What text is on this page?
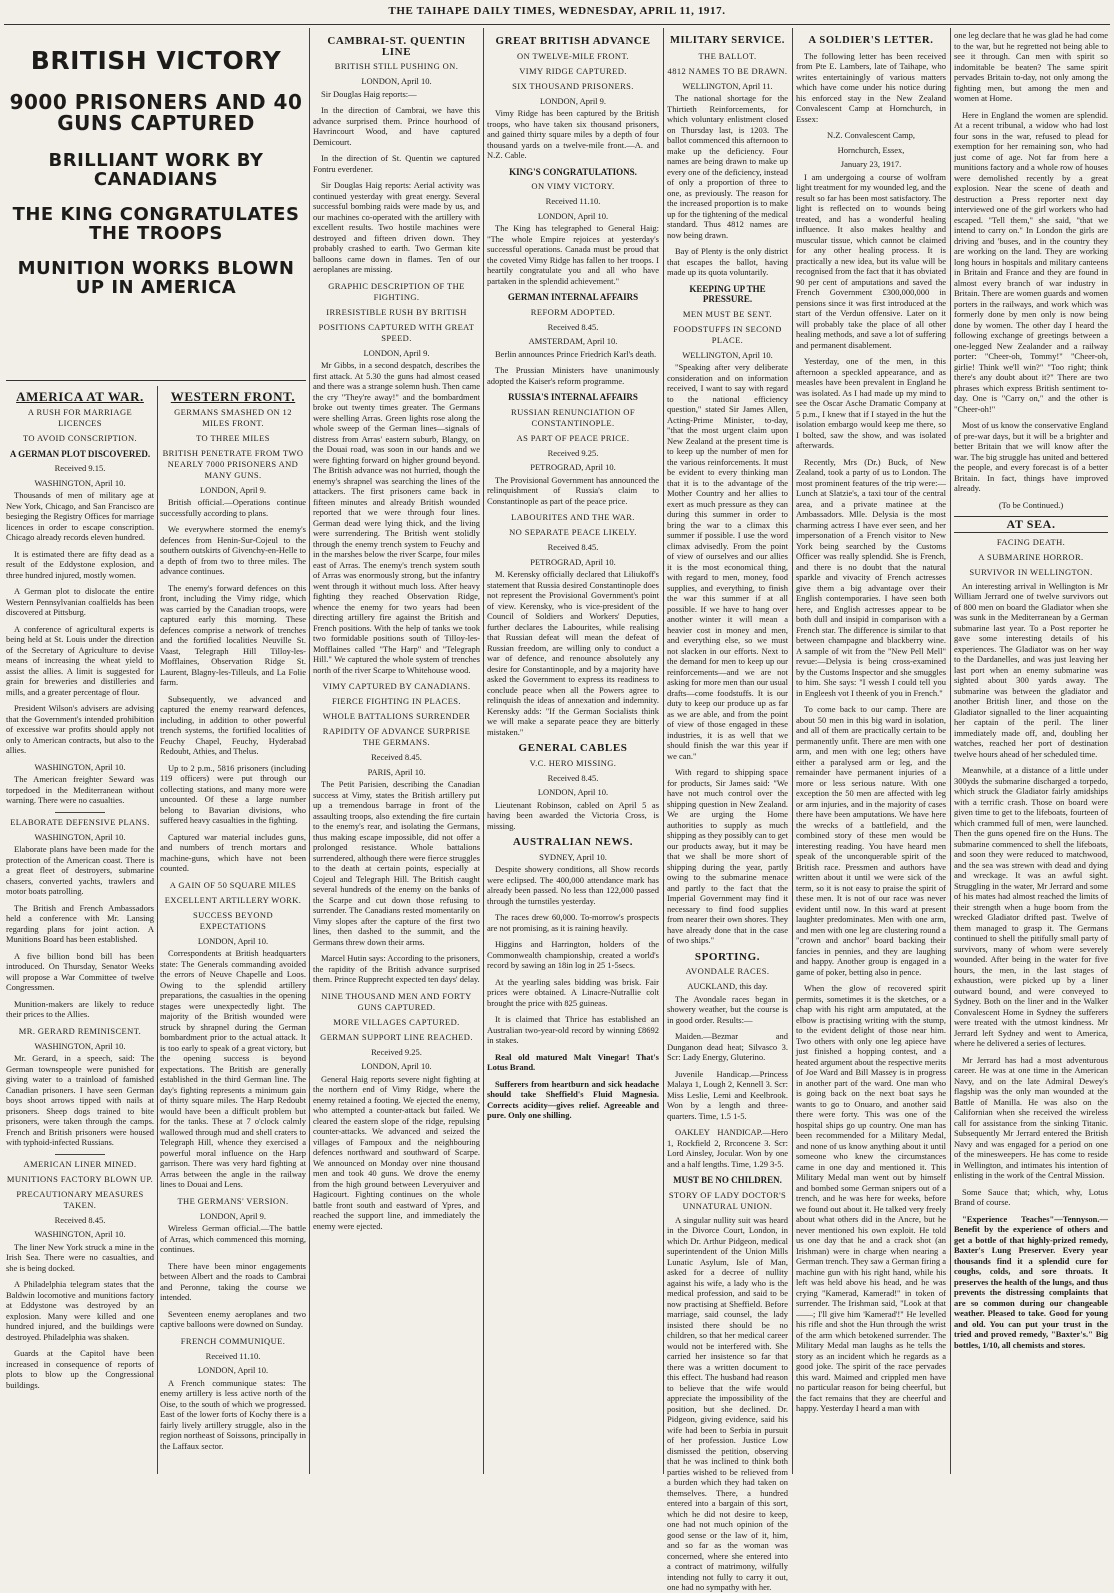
THE TAIHAPE DAILY TIMES, WEDNESDAY, APRIL 11, 1917.
BRITISH VICTORY
9000 PRISONERS AND 40 GUNS CAPTURED
BRILLIANT WORK BY CANADIANS
THE KING CONGRATULATES THE TROOPS
MUNITION WORKS BLOWN UP IN AMERICA
AMERICA AT WAR.
A RUSH FOR MARRIAGE LICENCES
TO AVOID CONSCRIPTION.
A GERMAN PLOT DISCOVERED.
Received 9.15.
WASHINGTON, April 10.

Thousands of men of military age at New York, Chicago, and San Francisco are besieging the Registry Offices for marriage licences in order to escape conscription. Chicago already records eleven hundred.

It is estimated there are fifty dead as a result of the Eddystone explosion, and three hundred injured, mostly women.

A German plot to dislocate the entire Western Pennsylvanian coalfields has been discovered at Pittsburg.

A conference of agricultural experts is being held at St. Louis under the direction of the Secretary of Agriculture to devise means of increasing the wheat yield to assist the allies. A limit is suggested for grain for breweries and distilleries and mills, and a greater percentage of flour.

President Wilson's advisers are advising that the Government's intended prohibition of excessive war profits should apply not only to American contracts, but also to the allies.

WASHINGTON, April 10.

The American freighter Seward was torpedoed in the Mediterranean without warning. There were no casualties.

ELABORATE DEFENSIVE PLANS.
WASHINGTON, April 10.

Elaborate plans have been made for the protection of the American coast. There is a great fleet of destroyers, submarine chasers, converted yachts, trawlers and motor boats patrolling.

The British and French Ambassadors held a conference with Mr. Lansing regarding plans for joint action. A Munitions Board has been established.

A five billion bond bill has been introduced. On Thursday, Senator Weeks will propose a War Committee of twelve Congressmen.

Munition-makers are likely to reduce their prices to the Allies.

MR. GERARD REMINISCENT.
WASHINGTON, April 10.

Mr. Gerard, in a speech, said: The German townspeople were punished for giving water to a trainload of famished Canadian prisoners. I have seen German boys shoot arrows tipped with nails at prisoners. Sheep dogs trained to bite prisoners, were taken through the camps. French and British prisoners were housed with typhoid-infected Russians.

AMERICAN LINER MINED.
MUNITIONS FACTORY BLOWN UP.
PRECAUTIONARY MEASURES TAKEN.
Received 8.45.
WASHINGTON, April 10.

The liner New York struck a mine in the Irish Sea. There were no casualties, and she is being docked.

A Philadelphia telegram states that the Baldwin locomotive and munitions factory at Eddystone was destroyed by an explosion. Many were killed and one hundred injured, and the buildings were destroyed. Philadelphia was shaken.

Guards at the Capitol have been increased in consequence of reports of plots to blow up the Congressional buildings.

WESTERN FRONT.
GERMANS SMASHED ON 12 MILES FRONT.
TO THREE MILES
BRITISH PENETRATE FROM TWO NEARLY 7000 PRISONERS AND MANY GUNS.
LONDON, April 9.

British official.—Operations continue successfully according to plans.

We everywhere stormed the enemy's defences from Henin-Sur-Cojeul to the southern outskirts of Givenchy-en-Helle to a depth of from two to three miles. The advance continues.

The enemy's forward defences on this front, including the Vimy ridge, which was carried by the Canadian troops, were captured early this morning. These defences comprise a network of trenches and the fortified localities Neuville St. Vaast, Telegraph Hill Tilloy-les-Mofflaines, Observation Ridge St. Laurent, Blagny-les-Tilleuls, and La Folie farm.

Subsequently, we advanced and captured the enemy rearward defences, including, in addition to other powerful trench systems, the fortified localities of Feuchy Chapel, Feuchy, Hyderabad Redoubt, Athies, and Thelus.

Up to 2 p.m., 5816 prisoners (including 119 officers) were put through our collecting stations, and many more were uncounted. Of these a large number belong to Bavarian divisions, who suffered heavy casualties in the fighting.

Captured war material includes guns, and numbers of trench mortars and machine-guns, which have not been counted.

A GAIN OF 50 SQUARE MILES
EXCELLENT ARTILLERY WORK.
SUCCESS BEYOND EXPECTATIONS
LONDON, April 10.

Correspondents at British headquarters state: The Generals commanding avoided the errors of Neuve Chapelle and Loos. Owing to the splendid artillery preparations, the casualties in the opening stages were unexpectedly light. The majority of the British wounded were struck by shrapnel during the German bombardment prior to the actual attack. It is too early to speak of a great victory, but the opening success is beyond expectations. The British are generally established in the third German line. The day's fighting represents a minimum gain of thirty square miles. The Harp Redoubt would have been a difficult problem but for the tanks. These at 7 o'clock calmly wallowed through mud and shell craters to Telegraph Hill, whence they exercised a powerful moral influence on the Harp garrison. There was very hard fighting at Arras between the angle in the railway lines to Douai and Lens.

THE GERMANS' VERSION.
LONDON, April 9.

Wireless German official.—The battle of Arras, which commenced this morning, continues.

There have been minor engagements between Albert and the roads to Cambrai and Peronne, taking the course we intended.

Seventeen enemy aeroplanes and two captive balloons were downed on Sunday.

FRENCH COMMUNIQUE.
Received 11.10.
LONDON, April 10.

A French communique states: The enemy artillery is less active north of the Oise, to the south of which we progressed. East of the lower forts of Kochy there is a fairly lively artillery struggle, also in the region northeast of Soissons, principally in the Laffaux sector.

CAMBRAI-ST. QUENTIN LINE
BRITISH STILL PUSHING ON.
LONDON, April 10.

Sir Douglas Haig reports:—

In the direction of Cambrai, we have this advance surprised them. Prince hourhood of Havrincourt Wood, and have captured Demicourt.

In the direction of St. Quentin we captured Fontru everdener.

Sir Douglas Haig reports: Aerial activity was continued yesterday with great energy. Several successful bombing raids were made by us, and our machines co-operated with the artillery with excellent results. Two hostile machines were destroyed and fifteen driven down. They probably crashed to earth. Two German kite balloons came down in flames. Ten of our aeroplanes are missing.

GRAPHIC DESCRIPTION OF THE FIGHTING.
IRRESISTIBLE RUSH BY BRITISH
POSITIONS CAPTURED WITH GREAT SPEED.
LONDON, April 9.

Mr Gibbs, in a second despatch, describes the first attack. At 5.30 the guns had almost ceased and there was a strange solemn hush. Then came the cry "They're away!" and the bombardment broke out twenty times greater. The Germans were shelling Arras. Green lights rose along the whole sweep of the German lines—signals of distress from Arras' eastern suburb, Blangy, on the Douai road, was soon in our hands and we were fighting forward on higher ground beyond. The British advance was not hurried, though the enemy's shrapnel was searching the lines of the attackers. The first prisoners came back in fifteen minutes and already British wounded reported that we were through four lines. German dead were lying thick, and the living were surrendering. The British went stolidly through the enemy trench system to Feuchy and in the marshes below the river Scarpe, four miles east of Arras. The enemy's trench system south of Arras was enormously strong, but the infantry went through it without much loss. After heavy fighting they reached Observation Ridge, whence the enemy for two years had been directing artillery fire against the British and French positions. With the help of tanks we took two formidable positions south of Tilloy-les-Mofflaines called "The Harp" and "Telegraph Hill." We captured the whole system of trenches north of the river Scarpe to Whitehouse wood.

VIMY CAPTURED BY CANADIANS.
FIERCE FIGHTING IN PLACES.
WHOLE BATTALIONS SURRENDER
RAPIDITY OF ADVANCE SURPRISE THE GERMANS.
Received 8.45.
PARIS, April 10.

The Petit Parisien, describing the Canadian success at Vimy, states the British artillery put up a tremendous barrage in front of the assaulting troops, also extending the fire curtain to the enemy's rear, and isolating the Germans, thus making escape impossible, did not offer a prolonged resistance. Whole battalions surrendered, although there were fierce struggles to the death at certain points, especially at Cojeul and Telegraph Hill. The British caught several hundreds of the enemy on the banks of the Scarpe and cut down those refusing to surrender. The Canadians rested momentarily on Vimy slopes after the capture of the first two lines, then dashed to the summit, and the Germans threw down their arms.

Marcel Hutin says: According to the prisoners, the rapidity of the British advance surprised them. Prince Rupprecht expected ten days' delay.

NINE THOUSAND MEN AND FORTY GUNS CAPTURED.
MORE VILLAGES CAPTURED.
GERMAN SUPPORT LINE REACHED.
Received 9.25.
LONDON, April 10.

General Haig reports severe night fighting at the northern end of Vimy Ridge, where the enemy retained a footing. We ejected the enemy, who attempted a counter-attack but failed. We cleared the eastern slope of the ridge, repulsing counter-attacks. We advanced and seized the villages of Fampoux and the neighbouring defences northward and southward of Scarpe. We announced on Monday over nine thousand men and took 40 guns. We drove the enemy from the high ground between Leveryuiver and Hagicourt. Fighting continues on the whole battle front south and eastward of Ypres, and reached the support line, and immediately the enemy were ejected.

GREAT BRITISH ADVANCE
ON TWELVE-MILE FRONT.
VIMY RIDGE CAPTURED.
SIX THOUSAND PRISONERS.
LONDON, April 9.

Vimy Ridge has been captured by the British troops, who have taken six thousand prisoners, and gained thirty square miles by a depth of four thousand yards on a twelve-mile front.—A. and N.Z. Cable.

KING'S CONGRATULATIONS.
ON VIMY VICTORY.
Received 11.10.
LONDON, April 10.

The King has telegraphed to General Haig: "The whole Empire rejoices at yesterday's successful operations. Canada must be proud that the coveted Vimy Ridge has fallen to her troops. I heartily congratulate you and all who have partaken in the splendid achievement."

GERMAN INTERNAL AFFAIRS
REFORM ADOPTED.
Received 8.45.
AMSTERDAM, April 10.

Berlin announces Prince Friedrich Karl's death.

The Prussian Ministers have unanimously adopted the Kaiser's reform programme.

RUSSIA'S INTERNAL AFFAIRS
RUSSIAN RENUNCIATION OF CONSTANTINOPLE.
AS PART OF PEACE PRICE.
Received 9.25.
PETROGRAD, April 10.

The Provisional Government has announced the relinquishment of Russia's claim to Constantinople as part of the peace price.

LABOURITES AND THE WAR.
NO SEPARATE PEACE LIKELY.
Received 8.45.
PETROGRAD, April 10.

M. Kerensky officially declared that Liliukoff's statement that Russia desired Constantinople does not represent the Provisional Government's point of view. Kerensky, who is vice-president of the Council of Soldiers and Workers' Deputies, further declares the Labourites, while realising that Russian defeat will mean the defeat of Russian freedom, are willing only to conduct a war of defence, and renounce absolutely any desire for Constantinople, and by a majority have asked the Government to express its readiness to conclude peace when all the Powers agree to relinquish the ideas of annexation and indemnity. Kerensky adds: "If the German Socialists think we will make a separate peace they are bitterly mistaken."

GENERAL CABLES
V.C. HERO MISSING.
Received 8.45.
LONDON, April 10.

Lieutenant Robinson, cabled on April 5 as having been awarded the Victoria Cross, is missing.

AUSTRALIAN NEWS.
SYDNEY, April 10.

Despite showery conditions, all Show records were eclipsed. The 400,000 attendance mark has already been passed. No less than 122,000 passed through the turnstiles yesterday.

The races drew 60,000. To-morrow's prospects are not promising, as it is raining heavily.

Higgins and Harrington, holders of the Commonwealth championship, created a world's record by sawing an 18in log in 25 1-5secs.

At the yearling sales bidding was brisk. Fair prices were obtained. A Linacre-Nutrallie colt brought the price with 825 guineas.

It is claimed that Thrice has established an Australian two-year-old record by winning £8692 in stakes.

Real old matured Malt Vinegar! That's Lotus Brand.

Sufferers from heartburn and sick headache should take Sheffield's Fluid Magnesia. Corrects acidity—gives relief. Agreeable and pure. Only one shilling.

MILITARY SERVICE.
THE BALLOT.
4812 NAMES TO BE DRAWN.
WELLINGTON, April 11.

The national shortage for the Thirtieth Reinforcements, for which voluntary enlistment closed on Thursday last, is 1203. The ballot commenced this afternoon to make up the deficiency. Four names are being drawn to make up every one of the deficiency, instead of only a proportion of three to one, as previously. The reason for the increased proportion is to make up for the tightening of the medical standard. Thus 4812 names are now being drawn.

Bay of Plenty is the only district that escapes the ballot, having made up its quota voluntarily.

KEEPING UP THE PRESSURE.
MEN MUST BE SENT.
FOODSTUFFS IN SECOND PLACE.
WELLINGTON, April 10.

"Speaking after very deliberate consideration and on information received, I want to say with regard to the national efficiency question," stated Sir James Allen, Acting-Prime Minister, to-day, "that the most urgent claim upon New Zealand at the present time is to keep up the number of men for the various reinforcements. It must be evident to every thinking man that it is to the advantage of the Mother Country and her allies to exert as much pressure as they can during this summer in order to bring the war to a climax this summer if possible. I use the word climax advisedly. From the point of view of ourselves and our allies it is the most economical thing, with regard to men, money, food supplies, and everything, to finish the war this summer if at all possible. If we have to hang over another winter it will mean a heavier cost in money and men, and everything else, so we must not slacken in our efforts. Next to the demand for men to keep up our reinforcements—and we are not asking for more men than our usual drafts—come foodstuffs. It is our duty to keep our produce up as far as we are able, and from the point of view of those engaged in these industries, it is as well that we should finish the war this year if we can."

With regard to shipping space for products, Sir James said: "We have not much control over the shipping question in New Zealand. We are urging the Home authorities to supply as much shipping as they possibly can to get our products away, but it may be that we shall be more short of shipping during the year, partly owing to the submarine menace and partly to the fact that the Imperial Government may find it necessary to find food supplies from nearer their own shores. They have already done that in the case of two ships."

SPORTING.
AVONDALE RACES.
AUCKLAND, this day.

The Avondale races began in showery weather, but the course is in good order. Results:—

Maiden.—Bezmar and Dunganon dead heat; Silvasco 3. Scr: Lady Energy, Gluterino.

Juvenile Handicap.—Princess Malaya 1, Lough 2, Kennell 3. Scr: Miss Leslie, Lemi and Keelbrook. Won by a length and three-quarters. Time, 1.5 1-5.

OAKLEY HANDICAP.—Hero 1, Rockfield 2, Rrconcene 3. Scr: Lord Ainsley, Jocular. Won by one and a half lengths. Time, 1.29 3-5.

MUST BE NO CHILDREN.
STORY OF LADY DOCTOR'S UNNATURAL UNION.

A singular nullity suit was heard in the Divorce Court, London, in which Dr. Arthur Pidgeon, medical superintendent of the Union Mills Lunatic Asylum, Isle of Man, asked for a decree of nullity against his wife, a lady who is the medical profession, and said to be now practising at Sheffield. Before marriage, said counsel, the lady insisted there should be no children, so that her medical career would not be interfered with. She carried her insistence so far that there was a written document to this effect. The husband had reason to believe that the wife would appreciate the impossibility of the position, but she declined. Dr. Pidgeon, giving evidence, said his wife had been to Serbia in pursuit of her profession. Justice Low dismissed the petition, observing that he was inclined to think both parties wished to be relieved from a burden which they had taken on themselves. There, a hundred entered into a bargain of this sort, which he did not desire to keep, one had not much opinion of the good sense or the law of it, him, and so far as the woman was concerned, where she entered into a contract of matrimony, wilfully intending not fully to carry it out, one had no sympathy with her.

A SOLDIER'S LETTER.

The following letter has been received from Pte E. Lambers, late of Taihape, who writes entertainingly of various matters which have come under his notice during his enforced stay in the New Zealand Convalescent Camp at Hornchurch, in Essex:

N.Z. Convalescent Camp,
Hornchurch, Essex,
January 23, 1917.

I am undergoing a course of wolfram light treatment for my wounded leg, and the result so far has been most satisfactory. The light is reflected on to wounds being treated, and has a wonderful healing influence. It also makes healthy and muscular tissue, which cannot be claimed for any other healing process. It is practically a new idea, but its value will be recognised from the fact that it has obviated 90 per cent of amputations and saved the French Government £300,000,000 in pensions since it was first introduced at the start of the Verdun offensive. Later on it will probably take the place of all other healing methods, and save a lot of suffering and permanent disablement.

Yesterday, one of the men, in this afternoon a speckled appearance, and as measles have been prevalent in England he was isolated. As I had made up my mind to see the Oscar Asche Dramatic Company at 5 p.m., I knew that if I stayed in the hut the isolation embargo would keep me there, so I bolted, saw the show, and was isolated afterwards.

Recently, Mrs (Dr.) Buck, of New Zealand, took a party of us to London. The most prominent features of the trip were:—Lunch at Slatzie's, a taxi tour of the central area, and a private matinee at the Ambassadors. Mlle. Delysia is the most charming actress I have ever seen, and her impersonation of a French visitor to New York being searched by the Customs Officer was really splendid. She is French, and there is no doubt that the natural sparkle and vivacity of French actresses give them a big advantage over their English contemporaries. I have seen both here, and English actresses appear to be both dull and insipid in comparison with a French star. The difference is similar to that between champagne and blackberry wine. A sample of wit from the "New Pell Mell" revue:—Delysia is being cross-examined by the Customs Inspector and she smuggles to him. She says: "I wessh I could tell you in Engleesh vot I theenk of you in French."

To come back to our camp. There are about 50 men in this big ward in isolation, and all of them are practically certain to be permanently unfit. There are men with one arm, and men with one leg; others have either a paralysed arm or leg, and the remainder have permanent injuries of a more or less serious nature. With one exception the 50 men are affected with leg or arm injuries, and in the majority of cases there have been amputations. We have here the wrecks of a battlefield, and the combined story of these men would be interesting reading. You have heard men speak of the unconquerable spirit of the British race. Pressmen and authors have written about it until we were sick of the term, so it is not easy to praise the spirit of these men. It is not of our race was never evident until now. In this ward at present laughter predominates. Men with one arm, and men with one leg are clustering round a "crown and anchor" board backing their fancies in pennies, and they are laughing and happy. Another group is engaged in a game of poker, betting also in pence.

When the glow of recovered spirit permits, sometimes it is the sketches, or a chap with his right arm amputated, at the elbow is practising writing with the stump, to the evident delight of those near him. Two others with only one leg apiece have just finished a hopping contest, and a heated argument about the respective merits of Joe Ward and Bill Massey is in progress in another part of the ward. One man who is going back on the next boat says he wants to go to Onuaro, and another said there were forty. This was one of the hospital ships go up country. One man has been recommended for a Military Medal, and none of us know anything about it until someone who knew the circumstances came in one day and mentioned it. This Military Medal man went out by himself and bombed some German snipers out of a trench, and he was here for weeks, before we found out about it. He talked very freely about what others did in the Ancre, but he never mentioned his own exploit. He told us one day that he and a crack shot (an Irishman) were in charge when nearing a German trench. They saw a German firing a machine gun with his right hand, while his left was held above his head, and he was crying "Kamerad, Kamerad!" in token of surrender. The Irishman said, "Look at that ——; I'll give him 'Kamerad'!" He levelled his rifle and shot the Hun through the wrist of the arm which betokened surrender. The Military Medal man laughs as he tells the story as an incident which he regards as a good joke. The spirit of the race pervades this ward. Maimed and crippled men have no particular reason for being cheerful, but the fact remains that they are cheerful and happy. Yesterday I heard a man with

one leg declare that he was glad he had come to the war, but he regretted not being able to see it through. Can men with spirit so indomitable be beaten? The same spirit pervades Britain to-day, not only among the fighting men, but among the men and women at Home.

Here in England the women are splendid. At a recent tribunal, a widow who had lost four sons in the war, refused to plead for exemption for her remaining son, who had just come of age. Not far from here a munitions factory and a whole row of houses were demolished recently by a great explosion. Near the scene of death and destruction a Press reporter next day interviewed one of the girl workers who had escaped. "Tell them," she said, "that we intend to carry on." In London the girls are driving and 'buses, and in the country they are working on the land. They are working long hours in hospitals and military canteens in Britain and France and they are found in almost every branch of war industry in Britain. There are women guards and women porters in the railways, and work which was formerly done by men only is now being done by women. The other day I heard the following exchange of greetings between a one-legged New Zealander and a railway porter: "Cheer-oh, Tommy!" "Cheer-oh, girlie! Think we'll win?" "Too right; think there's any doubt about it?" There are two phrases which express British sentiment to-day. One is "Carry on," and the other is "Cheer-oh!"

Most of us know the conservative England of pre-war days, but it will be a brighter and better Britain that we will know after the war. The big struggle has united and bettered the people, and every forecast is of a better Britain. In fact, things have improved already.

(To be Continued.)
AT SEA.
FACING DEATH.
A SUBMARINE HORROR.
SURVIVOR IN WELLINGTON.

An interesting arrival in Wellington is Mr William Jerrard one of twelve survivors out of 800 men on board the Gladiator when she was sunk in the Mediterranean by a German submarine last year. To a Post reporter he gave some interesting details of his experiences. The Gladiator was on her way to the Dardanelles, and was just leaving her last port when an enemy submarine was sighted about 300 yards away. The submarine was between the gladiator and another British liner, and those on the Gladiator signalled to the liner acquainting her captain of the peril. The liner immediately made off, and, doubling her watches, reached her port of destination twelve hours ahead of her scheduled time.

Meanwhile, at a distance of a little under 300yds the submarine discharged a torpedo, which struck the Gladiator fairly amidships with a terrific crash. Those on board were given time to get to the lifeboats, fourteen of which crammed full of men, were launched. Then the guns opened fire on the Huns. The submarine commenced to shell the lifeboats, and soon they were reduced to matchwood, and the sea was strewn with dead and dying and wreckage. It was an awful sight. Struggling in the water, Mr Jerrard and some of his mates had almost reached the limits of their strength when a huge boom from the wrecked Gladiator drifted past. Twelve of them managed to grasp it. The Germans continued to shell the pitifully small party of survivors, many of whom were severely wounded. After being in the water for five hours, the men, in the last stages of exhaustion, were picked up by a liner outward bound, and were conveyed to Sydney. Both on the liner and in the Walker Convalescent Home in Sydney the sufferers were treated with the utmost kindness. Mr Jerrard left Sydney and went to America, where he delivered a series of lectures.

Mr Jerrard has had a most adventurous career. He was at one time in the American Navy, and on the late Admiral Dewey's flagship was the only man wounded at the Battle of Manilla. He was also on the Californian when she received the wireless call for assistance from the sinking Titanic. Subsequently Mr Jerrard entered the British Navy and was engaged for a period on one of the minesweepers. He has come to reside in Wellington, and intimates his intention of enlisting in the work of the Central Mission.

Some Sauce that; which, why, Lotus Brand of course.

"Experience Teaches"—Tennyson.—Benefit by the experience of others and get a bottle of that highly-prized remedy, Baxter's Lung Preserver. Every year thousands find it a splendid cure for coughs, colds, and sore throats. It preserves the health of the lungs, and thus prevents the distressing complaints that are so common during our changeable weather. Pleased to take. Good for young and old. You can put your trust in the tried and proved remedy, "Baxter's." Big bottles, 1/10, all chemists and stores.
